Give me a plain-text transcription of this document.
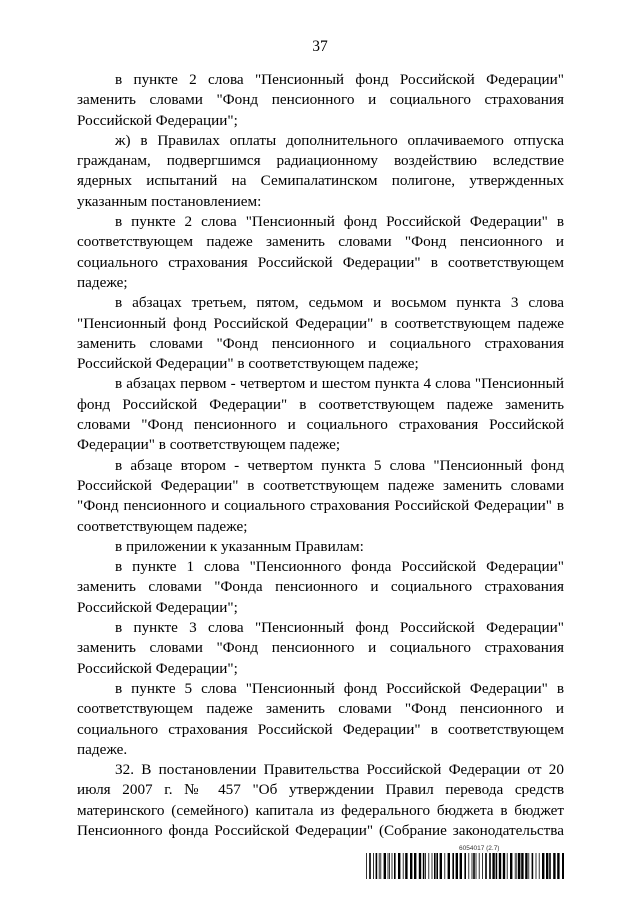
37

в пункте 2 слова "Пенсионный фонд Российской Федерации" заменить словами "Фонд пенсионного и социального страхования Российской Федерации";

ж) в Правилах оплаты дополнительного оплачиваемого отпуска гражданам, подвергшимся радиационному воздействию вследствие ядерных испытаний на Семипалатинском полигоне, утвержденных указанным постановлением:

в пункте 2 слова "Пенсионный фонд Российской Федерации" в соответствующем падеже заменить словами "Фонд пенсионного и социального страхования Российской Федерации" в соответствующем падеже;

в абзацах третьем, пятом, седьмом и восьмом пункта 3 слова "Пенсионный фонд Российской Федерации" в соответствующем падеже заменить словами "Фонд пенсионного и социального страхования Российской Федерации" в соответствующем падеже;

в абзацах первом - четвертом и шестом пункта 4 слова "Пенсионный фонд Российской Федерации" в соответствующем падеже заменить словами "Фонд пенсионного и социального страхования Российской Федерации" в соответствующем падеже;

в абзаце втором - четвертом пункта 5 слова "Пенсионный фонд Российской Федерации" в соответствующем падеже заменить словами "Фонд пенсионного и социального страхования Российской Федерации" в соответствующем падеже;

в приложении к указанным Правилам:

в пункте 1 слова "Пенсионного фонда Российской Федерации" заменить словами "Фонда пенсионного и социального страхования Российской Федерации";

в пункте 3 слова "Пенсионный фонд Российской Федерации" заменить словами "Фонд пенсионного и социального страхования Российской Федерации";

в пункте 5 слова "Пенсионный фонд Российской Федерации" в соответствующем падеже заменить словами "Фонд пенсионного и социального страхования Российской Федерации" в соответствующем падеже.

32. В постановлении Правительства Российской Федерации от 20 июля 2007 г. № 457 "Об утверждении Правил перевода средств материнского (семейного) капитала из федерального бюджета в бюджет Пенсионного фонда Российской Федерации" (Собрание законодательства

6054017 (2.7)
